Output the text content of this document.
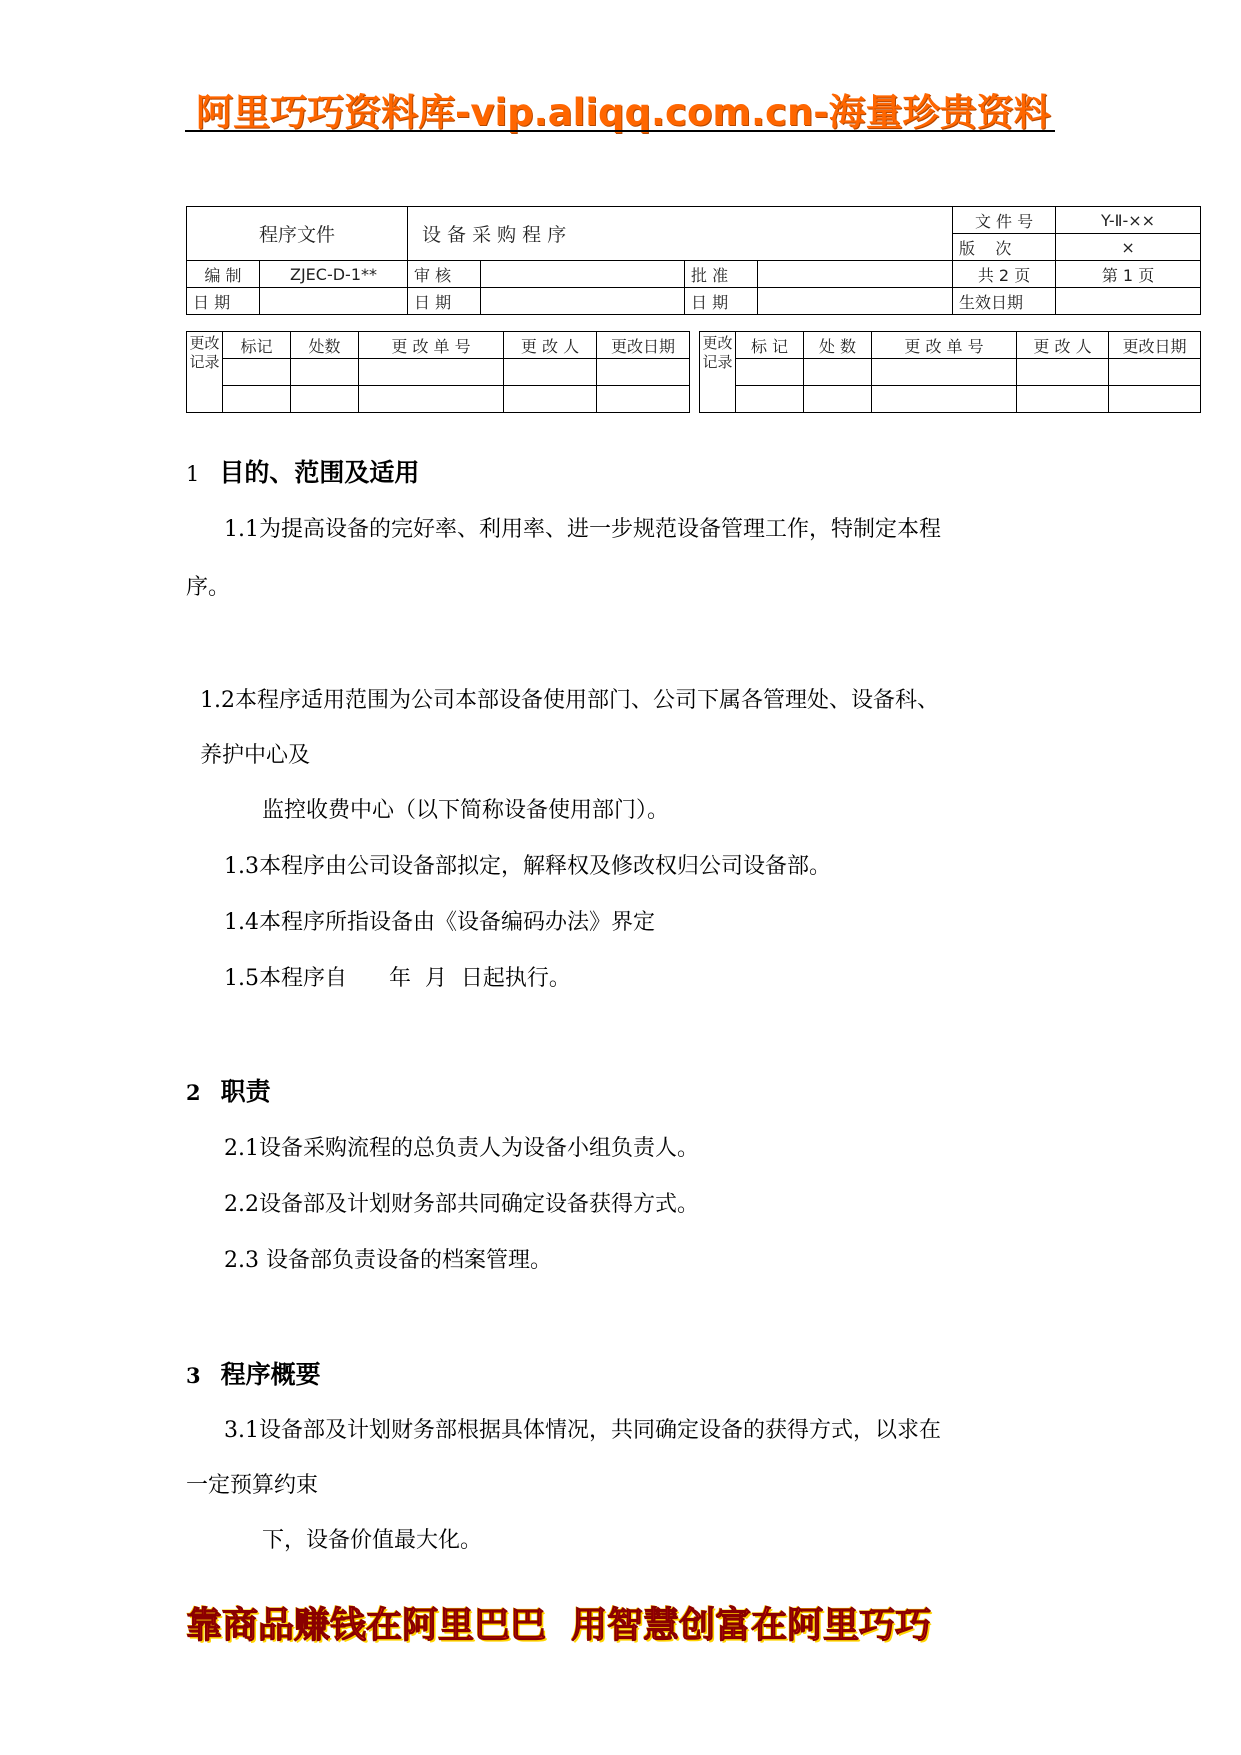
阿里巧巧资料库-vip.aliqq.com.cn-海量珍贵资料
程序文件		设 备 采 购 程 序				文 件 号	Y-Ⅱ-××
						版    次	×
编 制	ZJEC-D-1**	审 核		批 准		共 2 页	第 1 页
日 期		日 期		日 期		生效日期	
更改记录	标记	处数	更 改 单 号	更 改 人	更改日期

				更改记录	标 记	处 数	更 改 单 号	更 改 人	更改日期

1 目的、范围及适用
1.1为提高设备的完好率、利用率、进一步规范设备管理工作，特制定本程
序。
1.2本程序适用范围为公司本部设备使用部门、公司下属各管理处、设备科、
养护中心及
监控收费中心（以下简称设备使用部门）。
1.3本程序由公司设备部拟定，解释权及修改权归公司设备部。
1.4本程序所指设备由《设备编码办法》界定
1.5本程序自      年  月  日起执行。
2 职责
2.1设备采购流程的总负责人为设备小组负责人。
2.2设备部及计划财务部共同确定设备获得方式。
2.3 设备部负责设备的档案管理。
3 程序概要
3.1设备部及计划财务部根据具体情况，共同确定设备的获得方式，以求在
一定预算约束
下，设备价值最大化。
靠商品赚钱在阿里巴巴  用智慧创富在阿里巧巧
